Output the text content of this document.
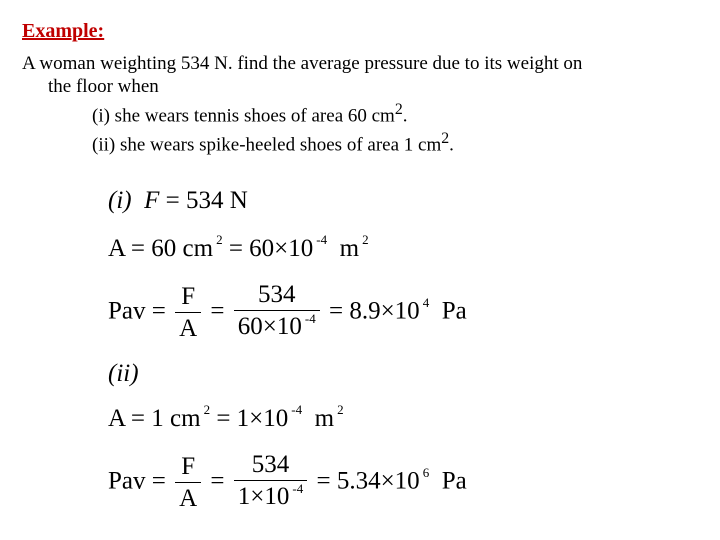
Example:
A woman weighting 534 N. find the average pressure due to its weight on
the floor when
(i) she wears tennis shoes of area 60 $cm^2$.
(ii) she wears spike-heeled shoes of area 1 $cm^2$.
(i) F = 534 N
A = 60 cm $^2$ = 60×10 $^{-4}$ m $^2$
Pav = $\frac{F}{A} = \frac{534}{60\times 10 ^{-4}} = 8.9\times 10$ $^4$ Pa
(ii)
A = 1 cm $^2$ = 1×10 $^{-4}$ m $^2$
Pav = $\frac{F}{A} = \frac{534}{1\times 10 ^{-4}} = 5.34\times 10$ $^6$ Pa
